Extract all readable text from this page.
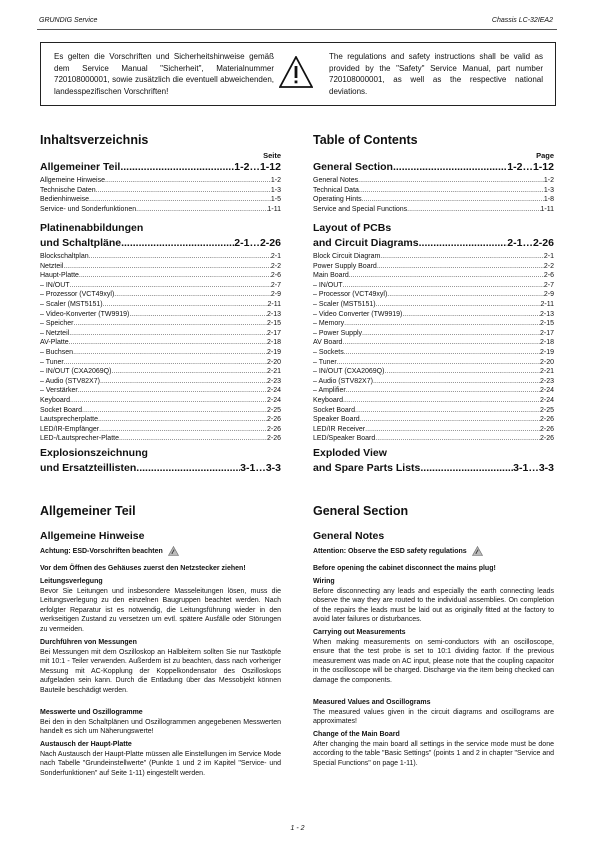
GRUNDIG Service	Chassis LC-32IEA2
Es gelten die Vorschriften und Sicherheitshinweise gemäß dem Service Manual "Sicherheit", Materialnummer 720108000001, sowie zusätzlich die eventuell abweichenden, landesspezifischen Vorschriften!
The regulations and safety instructions shall be valid as provided by the "Safety" Service Manual, part number 720108000001, as well as the respective national deviations.
Inhaltsverzeichnis
Seite
Allgemeiner Teil .....	1-2…1-12
Allgemeine Hinweise .....	1-2
Technische Daten .....	1-3
Bedienhinweise .....	1-5
Service- und Sonderfunktionen .....	1-11
Platinenabbildungen
und Schaltpläne .....	2-1…2-26
Blockschaltplan .....	2-1
Netzteil .....	2-2
Haupt-Platte .....	2-6
– IN/OUT .....	2-7
– Prozessor (VCT49xyl) .....	2-9
– Scaler (MST5151) .....	2-11
– Video-Konverter (TW9919) .....	2-13
– Speicher .....	2-15
– Netzteil .....	2-17
AV-Platte .....	2-18
– Buchsen .....	2-19
– Tuner .....	2-20
– IN/OUT (CXA2069Q) .....	2-21
– Audio (STV82X7) .....	2-23
– Verstärker .....	2-24
Keyboard .....	2-24
Socket Board .....	2-25
Lautsprecherplatte .....	2-26
LED/IR-Empfänger .....	2-26
LED-/Lautsprecher-Platte .....	2-26
Explosionszeichnung
und Ersatzteillisten .....	3-1…3-3
Table of Contents
Page
General Section .....	1-2…1-12
General Notes .....	1-2
Technical Data .....	1-3
Operating Hints .....	1-8
Service and Special Functions .....	1-11
Layout of PCBs
and Circuit Diagrams .....	2-1…2-26
Block Circuit Diagram .....	2-1
Power Supply Board .....	2-2
Main Board .....	2-6
– IN/OUT .....	2-7
– Processor (VCT49xyl) .....	2-9
– Scaler (MST5151) .....	2-11
– Video Converter (TW9919) .....	2-13
– Memory .....	2-15
– Power Supply .....	2-17
AV Board .....	2-18
– Sockets .....	2-19
– Tuner .....	2-20
– IN/OUT (CXA2069Q) .....	2-21
– Audio (STV82X7) .....	2-23
– Amplifier .....	2-24
Keyboard .....	2-24
Socket Board .....	2-25
Speaker Board .....	2-26
LED/IR Receiver .....	2-26
LED/Speaker Board .....	2-26
Exploded View
and Spare Parts Lists .....	3-1…3-3
Allgemeiner Teil
Allgemeine Hinweise
Achtung: ESD-Vorschriften beachten
Vor dem Öffnen des Gehäuses zuerst den Netzstecker ziehen!
Leitungsverlegung
Bevor Sie Leitungen und insbesondere Masseleitungen lösen, muss die Leitungsverlegung zu den einzelnen Baugruppen beachtet werden. Nach erfolgter Reparatur ist es notwendig, die Leitungsführung wieder in den werkseitigen Zustand zu versetzen um evtl. spätere Ausfälle oder Störungen zu vermeiden.
Durchführen von Messungen
Bei Messungen mit dem Oszilloskop an Halbleitern sollten Sie nur Tastköpfe mit 10:1 - Teiler verwenden. Außerdem ist zu beachten, dass nach vorheriger Messung mit AC-Kopplung der Koppelkondensator des Oszilloskops aufgeladen sein kann. Durch die Entladung über das Messobjekt können Bauteile beschädigt werden.
Messwerte und Oszillogramme
Bei den in den Schaltplänen und Oszillogrammen angegebenen Messwerten handelt es sich um Näherungswerte!
Austausch der Haupt-Platte
Nach Austausch der Haupt-Platte müssen alle Einstellungen im Service Mode nach Tabelle "Grundeinstellwerte" (Punkte 1 und 2 im Kapitel "Service- und Sonderfunktionen" auf Seite 1-11) eingestellt werden.
General Section
General Notes
Attention: Observe the ESD safety regulations
Before opening the cabinet disconnect the mains plug!
Wiring
Before disconnecting any leads and especially the earth connecting leads observe the way they are routed to the individual assemblies. On completion of the repairs the leads must be laid out as originally fitted at the factory to avoid later failures or disturbances.
Carrying out Measurements
When making measurements on semi-conductors with an oscilloscope, ensure that the test probe is set to 10:1 dividing factor. If the previous measurement was made on AC input, please note that the coupling capacitor in the oscilloscope will be charged. Discharge via the item being checked can damage the components.
Measured Values and Oscillograms
The measured values given in the circuit diagrams and oscillograms are approximates!
Change of the Main Board
After changing the main board all settings in the service mode must be done according to the table "Basic Settings" (points 1 and 2 in chapter "Service and Special Functions" on page 1-11).
1 - 2
